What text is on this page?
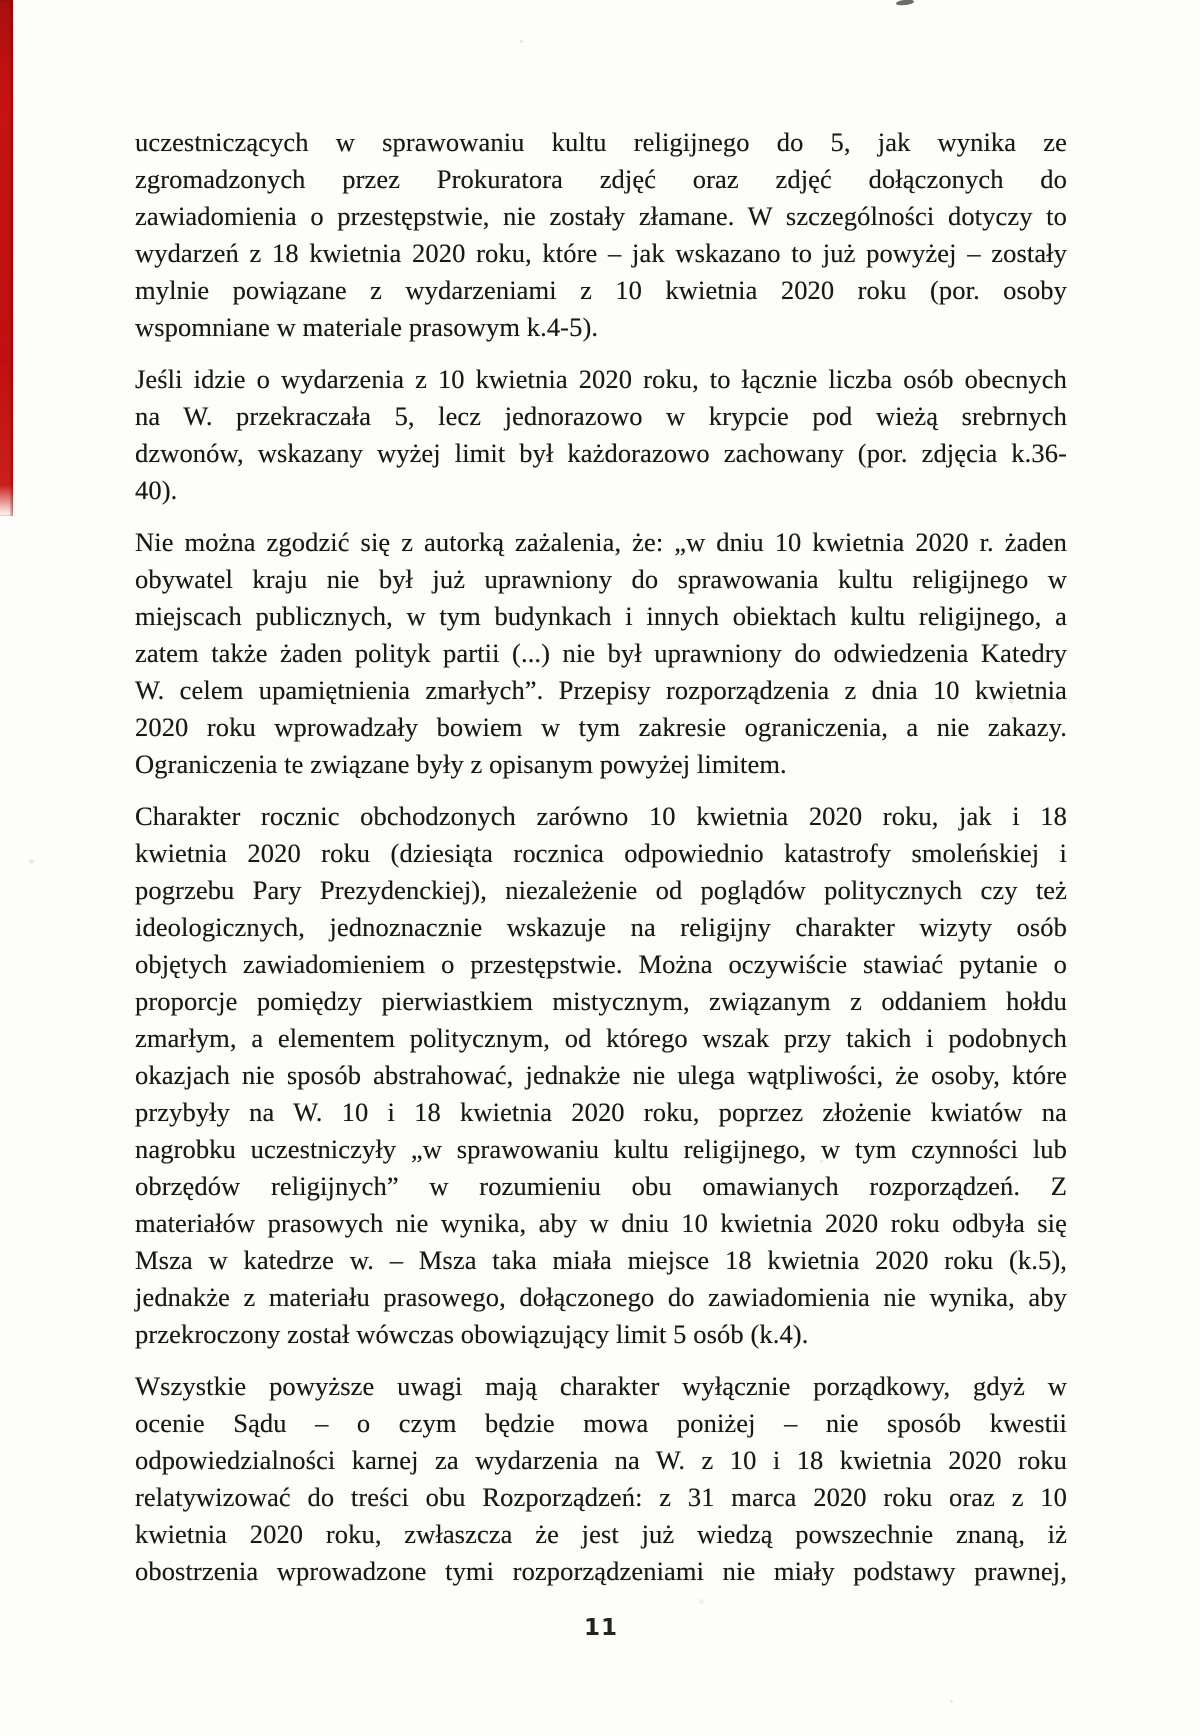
uczestniczących w sprawowaniu kultu religijnego do 5, jak wynika ze
zgromadzonych przez Prokuratora zdjęć oraz zdjęć dołączonych do
zawiadomienia o przestępstwie, nie zostały złamane. W szczególności dotyczy to
wydarzeń z 18 kwietnia 2020 roku, które – jak wskazano to już powyżej – zostały
mylnie powiązane z wydarzeniami z 10 kwietnia 2020 roku (por. osoby
wspomniane w materiale prasowym k.4-5).
Jeśli idzie o wydarzenia z 10 kwietnia 2020 roku, to łącznie liczba osób obecnych
na W. przekraczała 5, lecz jednorazowo w krypcie pod wieżą srebrnych
dzwonów, wskazany wyżej limit był każdorazowo zachowany (por. zdjęcia k.36-
40).
Nie można zgodzić się z autorką zażalenia, że: „w dniu 10 kwietnia 2020 r. żaden
obywatel kraju nie był już uprawniony do sprawowania kultu religijnego w
miejscach publicznych, w tym budynkach i innych obiektach kultu religijnego, a
zatem także żaden polityk partii (...) nie był uprawniony do odwiedzenia Katedry
W. celem upamiętnienia zmarłych”. Przepisy rozporządzenia z dnia 10 kwietnia
2020 roku wprowadzały bowiem w tym zakresie ograniczenia, a nie zakazy.
Ograniczenia te związane były z opisanym powyżej limitem.
Charakter rocznic obchodzonych zarówno 10 kwietnia 2020 roku, jak i 18
kwietnia 2020 roku (dziesiąta rocznica odpowiednio katastrofy smoleńskiej i
pogrzebu Pary Prezydenckiej), niezależenie od poglądów politycznych czy też
ideologicznych, jednoznacznie wskazuje na religijny charakter wizyty osób
objętych zawiadomieniem o przestępstwie. Można oczywiście stawiać pytanie o
proporcje pomiędzy pierwiastkiem mistycznym, związanym z oddaniem hołdu
zmarłym, a elementem politycznym, od którego wszak przy takich i podobnych
okazjach nie sposób abstrahować, jednakże nie ulega wątpliwości, że osoby, które
przybyły na W. 10 i 18 kwietnia 2020 roku, poprzez złożenie kwiatów na
nagrobku uczestniczyły „w sprawowaniu kultu religijnego, w tym czynności lub
obrzędów religijnych” w rozumieniu obu omawianych rozporządzeń. Z
materiałów prasowych nie wynika, aby w dniu 10 kwietnia 2020 roku odbyła się
Msza w katedrze w. – Msza taka miała miejsce 18 kwietnia 2020 roku (k.5),
jednakże z materiału prasowego, dołączonego do zawiadomienia nie wynika, aby
przekroczony został wówczas obowiązujący limit 5 osób (k.4).
Wszystkie powyższe uwagi mają charakter wyłącznie porządkowy, gdyż w
ocenie Sądu – o czym będzie mowa poniżej – nie sposób kwestii
odpowiedzialności karnej za wydarzenia na W. z 10 i 18 kwietnia 2020 roku
relatywizować do treści obu Rozporządzeń: z 31 marca 2020 roku oraz z 10
kwietnia 2020 roku, zwłaszcza że jest już wiedzą powszechnie znaną, iż
obostrzenia wprowadzone tymi rozporządzeniami nie miały podstawy prawnej,
11
